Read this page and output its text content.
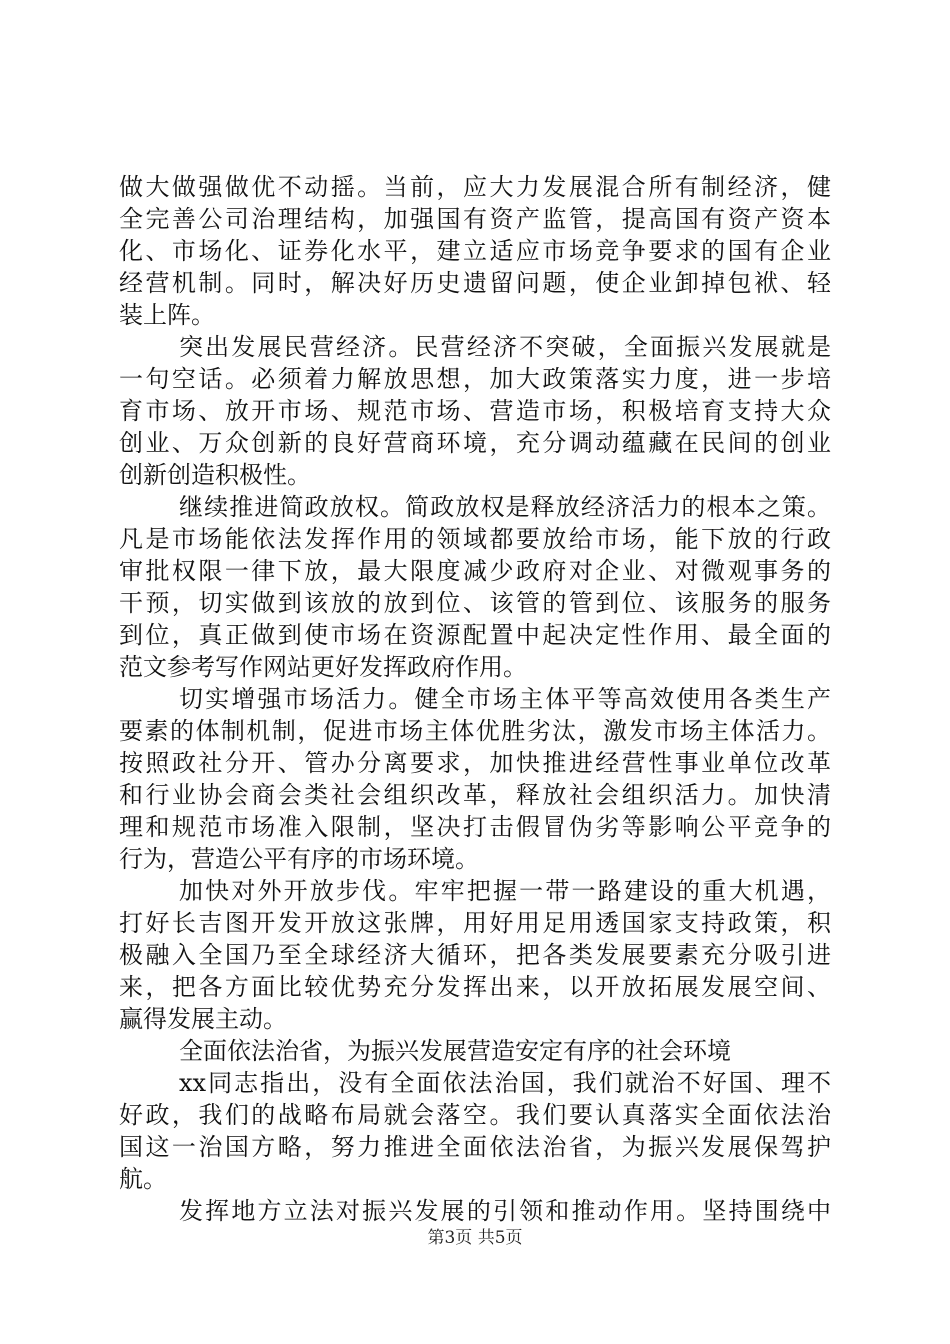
做大做强做优不动摇。当前，应大力发展混合所有制经济，健
全完善公司治理结构，加强国有资产监管，提高国有资产资本
化、市场化、证券化水平，建立适应市场竞争要求的国有企业
经营机制。同时，解决好历史遗留问题，使企业卸掉包袱、轻
装上阵。
突出发展民营经济。民营经济不突破，全面振兴发展就是
一句空话。必须着力解放思想，加大政策落实力度，进一步培
育市场、放开市场、规范市场、营造市场，积极培育支持大众
创业、万众创新的良好营商环境，充分调动蕴藏在民间的创业
创新创造积极性。
继续推进简政放权。简政放权是释放经济活力的根本之策。
凡是市场能依法发挥作用的领域都要放给市场，能下放的行政
审批权限一律下放，最大限度减少政府对企业、对微观事务的
干预，切实做到该放的放到位、该管的管到位、该服务的服务
到位，真正做到使市场在资源配置中起决定性作用、最全面的
范文参考写作网站更好发挥政府作用。
切实增强市场活力。健全市场主体平等高效使用各类生产
要素的体制机制，促进市场主体优胜劣汰，激发市场主体活力。
按照政社分开、管办分离要求，加快推进经营性事业单位改革
和行业协会商会类社会组织改革，释放社会组织活力。加快清
理和规范市场准入限制，坚决打击假冒伪劣等影响公平竞争的
行为，营造公平有序的市场环境。
加快对外开放步伐。牢牢把握一带一路建设的重大机遇，
打好长吉图开发开放这张牌，用好用足用透国家支持政策，积
极融入全国乃至全球经济大循环，把各类发展要素充分吸引进
来，把各方面比较优势充分发挥出来，以开放拓展发展空间、
赢得发展主动。
全面依法治省，为振兴发展营造安定有序的社会环境
xx同志指出，没有全面依法治国，我们就治不好国、理不
好政，我们的战略布局就会落空。我们要认真落实全面依法治
国这一治国方略，努力推进全面依法治省，为振兴发展保驾护
航。
发挥地方立法对振兴发展的引领和推动作用。坚持围绕中
第3页 共5页
